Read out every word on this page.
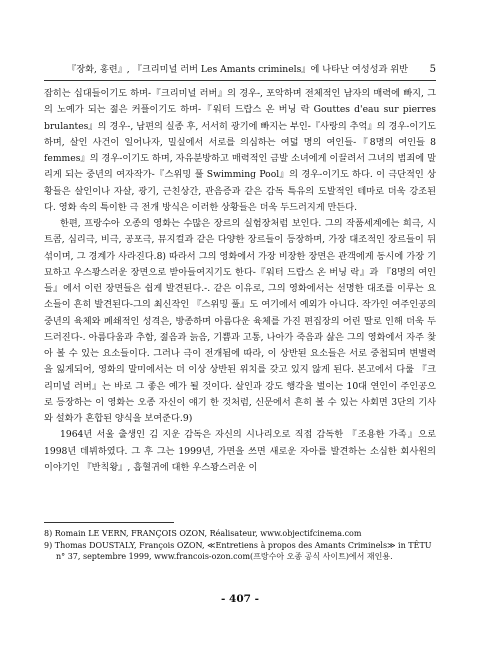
『장화, 홍련』, 『크리미널 러버 Les Amants criminels』에 나타난 여성성과 위반 5

잡히는 십대들이기도 하며-『크리미널 러버』의 경우-, 포악하며 전체적인 남자의 매력에 빠지, 그의 노예가 되는 젊은 커플이기도 하며-『워터 드랍스 온 버닝 락 Gouttes d'eau sur pierres brulantes』의 경우-, 남편의 실종 후, 서서히 광기에 빠지는 부인-『사랑의 추억』의 경우-이기도 하며, 살인 사건이 일어나자, 밀실에서 서로를 의심하는 여덟 명의 여인들-『8명의 여인들 8 femmes』의 경우-이기도 하며, 자유분방하고 매력적인 금발 소녀에게 이끌려서 그녀의 범죄에 말리게 되는 중년의 여자작가-『스위밍 풀 Swimming Pool』의 경우-이기도 하다. 이 극단적인 상황들은 살인이나 자살, 광기, 근친상간, 관음증과 같은 감독 특유의 도발적인 테마로 더욱 강조된다. 영화 속의 특이한 극 전개 방식은 이러한 상황들은 더욱 두드러지게 만든다.

한편, 프랑수아 오종의 영화는 수많은 장르의 실험장처럼 보인다. 그의 작품세계에는 희극, 시트콤, 심리극, 비극, 공포극, 뮤지컬과 같은 다양한 장르들이 등장하며, 가장 대조적인 장르들이 뒤섞이며, 그 경계가 사라진다.8) 따라서 그의 영화에서 가장 비장한 장면은 관객에게 동시에 가장 기묘하고 우스꽝스러운 장면으로 받아들여지기도 한다-『워터 드랍스 온 버닝 락』과 『8명의 여인들』에서 이런 장면들은 쉽게 발견된다.-. 같은 이유로, 그의 영화에서는 선명한 대조를 이루는 요소들이 흔히 발견된다-그의 최신작인 『스위밍 풀』도 여기에서 예외가 아니다. 작가인 여주인공의 중년의 육체와 폐쇄적인 성격은, 방종하며 아름다운 육체를 가진 편집장의 어린 딸로 인해 더욱 두드러진다-. 아름다움과 추함, 젊음과 늙음, 기쁨과 고통, 나아가 죽음과 삶은 그의 영화에서 자주 찾아 볼 수 있는 요소들이다. 그러나 극이 전개됨에 따라, 이 상반된 요소들은 서로 중첩되며 변별력을 잃게되어, 영화의 말미에서는 더 이상 상반된 위치를 갖고 있지 않게 된다. 본고에서 다룰 『크리미널 러버』는 바로 그 좋은 예가 될 것이다. 살인과 강도 행각을 벌이는 10대 연인이 주인공으로 등장하는 이 영화는 오종 자신이 얘기 한 것처럼, 신문에서 흔히 볼 수 있는 사회면 3단의 기사와 설화가 혼합된 양식을 보여준다.9)

1964년 서울 출생인 김 지운 감독은 자신의 시나리오로 직접 감독한 『조용한 가족』으로 1998년 데뷔하였다. 그 후 그는 1999년, 가면을 쓰면 새로운 자아를 발견하는 소심한 회사원의 이야기인 『반칙왕』, 흡혈귀에 대한 우스꽝스러운 이

8) Romain LE VERN, FRANÇOIS OZON, Réalisateur, www.objectifcinema.com

9) Thomas DOUSTALY, François OZON, ≪Entretiens à propos des Amants Criminels≫ in TÊTU n° 37, septembre 1999, www.francois-ozon.com(프랑수아 오종 공식 사이트)에서 재인용.

- 407 -
